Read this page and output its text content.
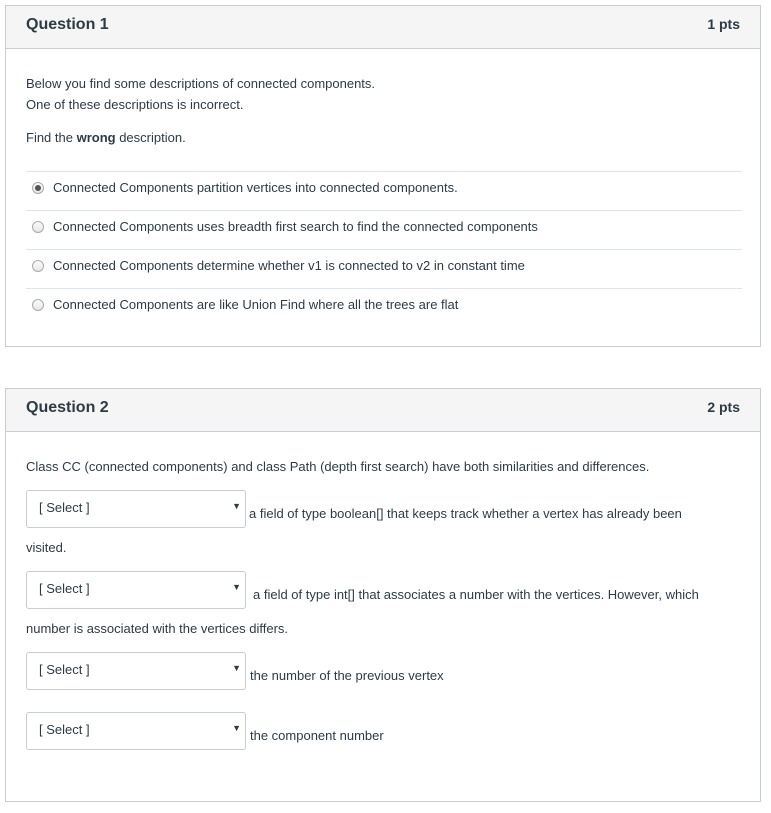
Question 1	1 pts
Below you find some descriptions of connected components.
One of these descriptions is incorrect.
Find the wrong description.
Connected Components partition vertices into connected components.
Connected Components uses breadth first search to find the connected components
Connected Components determine whether v1 is connected to v2 in constant time
Connected Components are like Union Find where all the trees are flat
Question 2	2 pts
Class CC (connected components) and class Path (depth first search) have both similarities and differences.
[ Select ]	▼ a field of type boolean[] that keeps track whether a vertex has already been
visited.
[ Select ]	▼ a field of type int[] that associates a number with the vertices. However, which
number is associated with the vertices differs.
[ Select ]	▼ the number of the previous vertex
[ Select ]	▼ the component number
